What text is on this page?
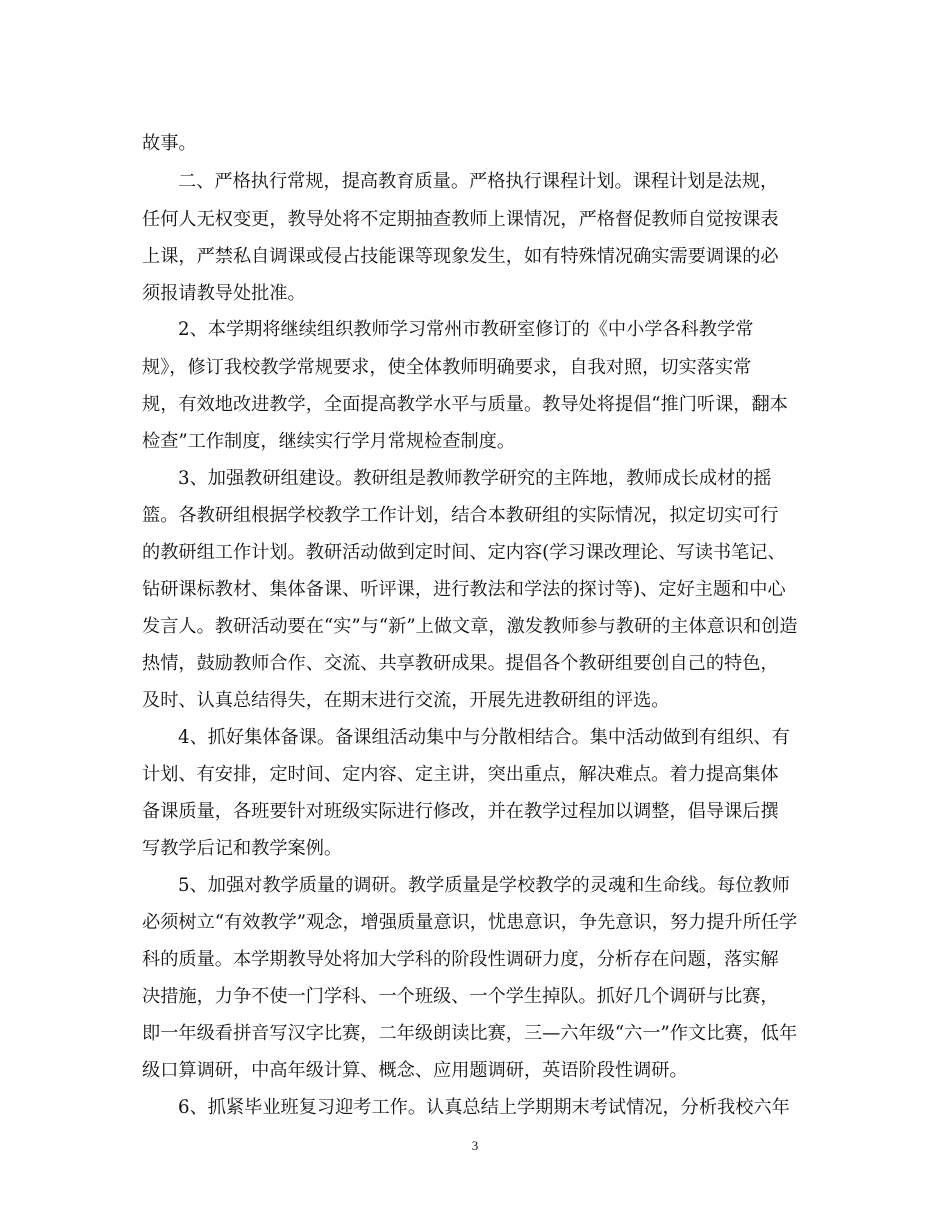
故事。
二、严格执行常规，提高教育质量。严格执行课程计划。课程计划是法规，
任何人无权变更，教导处将不定期抽查教师上课情况，严格督促教师自觉按课表
上课，严禁私自调课或侵占技能课等现象发生，如有特殊情况确实需要调课的必
须报请教导处批准。
2、本学期将继续组织教师学习常州市教研室修订的《中小学各科教学常
规》，修订我校教学常规要求，使全体教师明确要求，自我对照，切实落实常
规，有效地改进教学，全面提高教学水平与质量。教导处将提倡“推门听课，翻本
检查”工作制度，继续实行学月常规检查制度。
3、加强教研组建设。教研组是教师教学研究的主阵地，教师成长成材的摇
篮。各教研组根据学校教学工作计划，结合本教研组的实际情况，拟定切实可行
的教研组工作计划。教研活动做到定时间、定内容(学习课改理论、写读书笔记、
钻研课标教材、集体备课、听评课，进行教法和学法的探讨等)、定好主题和中心
发言人。教研活动要在“实”与“新”上做文章，激发教师参与教研的主体意识和创造
热情，鼓励教师合作、交流、共享教研成果。提倡各个教研组要创自己的特色，
及时、认真总结得失，在期末进行交流，开展先进教研组的评选。
4、抓好集体备课。备课组活动集中与分散相结合。集中活动做到有组织、有
计划、有安排，定时间、定内容、定主讲，突出重点，解决难点。着力提高集体
备课质量，各班要针对班级实际进行修改，并在教学过程加以调整，倡导课后撰
写教学后记和教学案例。
5、加强对教学质量的调研。教学质量是学校教学的灵魂和生命线。每位教师
必须树立“有效教学”观念，增强质量意识，忧患意识，争先意识，努力提升所任学
科的质量。本学期教导处将加大学科的阶段性调研力度，分析存在问题，落实解
决措施，力争不使一门学科、一个班级、一个学生掉队。抓好几个调研与比赛，
即一年级看拼音写汉字比赛，二年级朗读比赛，三—六年级“六一”作文比赛，低年
级口算调研，中高年级计算、概念、应用题调研，英语阶段性调研。
6、抓紧毕业班复习迎考工作。认真总结上学期期末考试情况，分析我校六年
3
